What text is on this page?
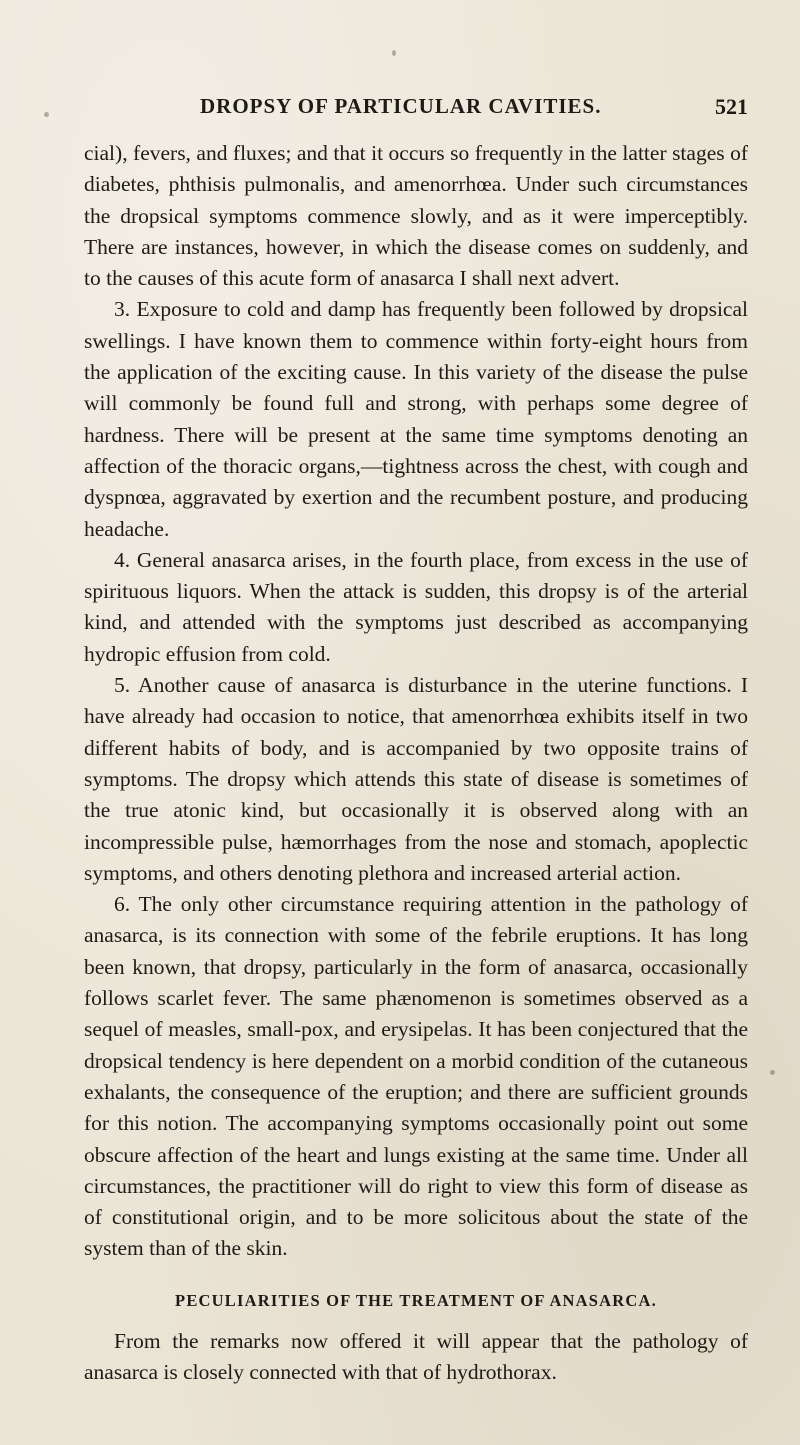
DROPSY OF PARTICULAR CAVITIES.	521

cial), fevers, and fluxes; and that it occurs so frequently in the latter stages of diabetes, phthisis pulmonalis, and amenorrhœa. Under such circumstances the dropsical symptoms commence slowly, and as it were imperceptibly. There are instances, however, in which the disease comes on suddenly, and to the causes of this acute form of anasarca I shall next advert.

3. Exposure to cold and damp has frequently been followed by dropsical swellings. I have known them to commence within forty-eight hours from the application of the exciting cause. In this variety of the disease the pulse will commonly be found full and strong, with perhaps some degree of hardness. There will be present at the same time symptoms denoting an affection of the thoracic organs,—tightness across the chest, with cough and dyspnœa, aggravated by exertion and the recumbent posture, and producing headache.

4. General anasarca arises, in the fourth place, from excess in the use of spirituous liquors. When the attack is sudden, this dropsy is of the arterial kind, and attended with the symptoms just described as accompanying hydropic effusion from cold.

5. Another cause of anasarca is disturbance in the uterine functions. I have already had occasion to notice, that amenorrhœa exhibits itself in two different habits of body, and is accompanied by two opposite trains of symptoms. The dropsy which attends this state of disease is sometimes of the true atonic kind, but occasionally it is observed along with an incompressible pulse, hæmorrhages from the nose and stomach, apoplectic symptoms, and others denoting plethora and increased arterial action.

6. The only other circumstance requiring attention in the pathology of anasarca, is its connection with some of the febrile eruptions. It has long been known, that dropsy, particularly in the form of anasarca, occasionally follows scarlet fever. The same phænomenon is sometimes observed as a sequel of measles, small-pox, and erysipelas. It has been conjectured that the dropsical tendency is here dependent on a morbid condition of the cutaneous exhalants, the consequence of the eruption; and there are sufficient grounds for this notion. The accompanying symptoms occasionally point out some obscure affection of the heart and lungs existing at the same time. Under all circumstances, the practitioner will do right to view this form of disease as of constitutional origin, and to be more solicitous about the state of the system than of the skin.

PECULIARITIES OF THE TREATMENT OF ANASARCA.

From the remarks now offered it will appear that the pathology of anasarca is closely connected with that of hydrothorax.
